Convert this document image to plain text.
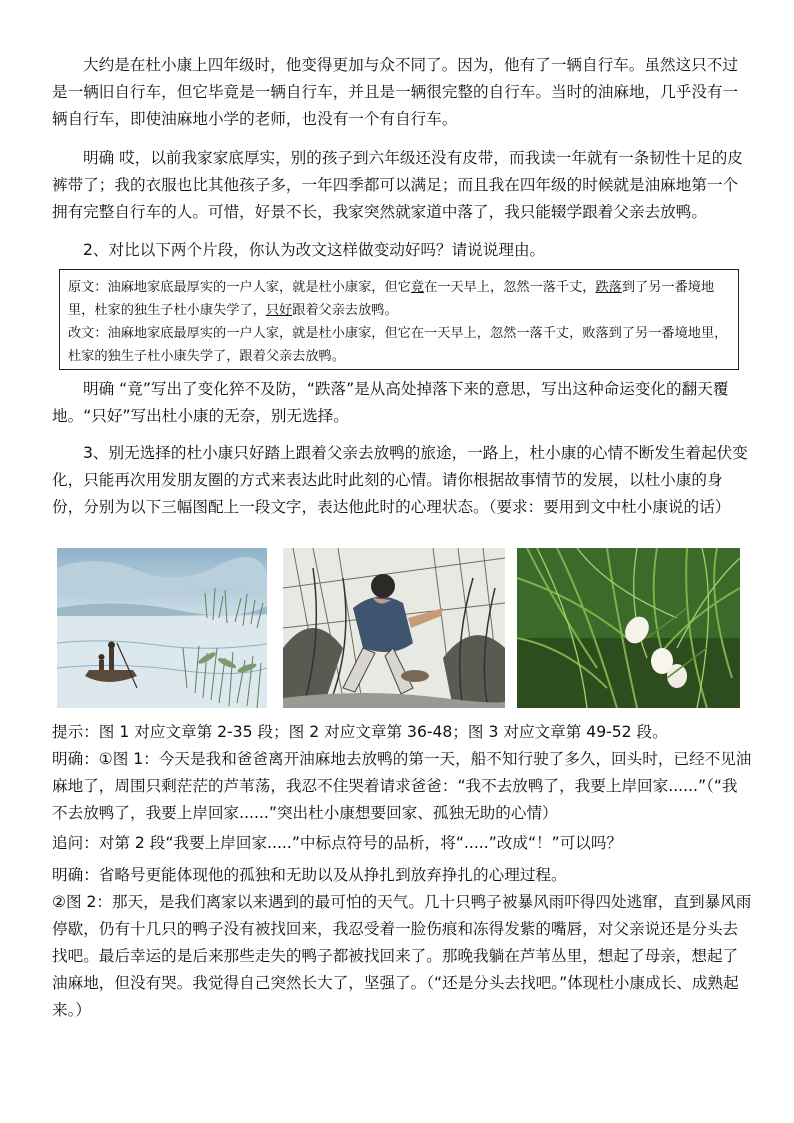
大约是在杜小康上四年级时，他变得更加与众不同了。因为，他有了一辆自行车。虽然这只不过是一辆旧自行车，但它毕竟是一辆自行车，并且是一辆很完整的自行车。当时的油麻地，几乎没有一辆自行车，即使油麻地小学的老师，也没有一个有自行车。

明确 哎，以前我家家底厚实，别的孩子到六年级还没有皮带，而我读一年就有一条韧性十足的皮裤带了；我的衣服也比其他孩子多，一年四季都可以满足；而且我在四年级的时候就是油麻地第一个拥有完整自行车的人。可惜，好景不长，我家突然就家道中落了，我只能辍学跟着父亲去放鸭。

2、对比以下两个片段，你认为改文这样做变动好吗？请说说理由。

原文：油麻地家底最厚实的一户人家，就是杜小康家，但它竟在一天早上，忽然一落千丈，跌落到了另一番境地里，杜家的独生子杜小康失学了，只好跟着父亲去放鸭。

改文：油麻地家底最厚实的一户人家，就是杜小康家，但它在一天早上，忽然一落千丈，败落到了另一番境地里，杜家的独生子杜小康失学了，跟着父亲去放鸭。

明确 “竟”写出了变化猝不及防，“跌落”是从高处掉落下来的意思，写出这种命运变化的翻天覆地。“只好”写出杜小康的无奈，别无选择。

3、别无选择的杜小康只好踏上跟着父亲去放鸭的旅途，一路上，杜小康的心情不断发生着起伏变化，只能再次用发朋友圈的方式来表达此时此刻的心情。请你根据故事情节的发展，以杜小康的身份，分别为以下三幅图配上一段文字，表达他此时的心理状态。（要求：要用到文中杜小康说的话）

提示：图 1 对应文章第 2-35 段；图 2 对应文章第 36-48；图 3 对应文章第 49-52 段。

明确：①图 1：今天是我和爸爸离开油麻地去放鸭的第一天，船不知行驶了多久，回头时，已经不见油麻地了，周围只剩茫茫的芦苇荡，我忍不住哭着请求爸爸：“我不去放鸭了，我要上岸回家......”（“我不去放鸭了，我要上岸回家......”突出杜小康想要回家、孤独无助的心情）

追问：对第 2 段“我要上岸回家.....”中标点符号的品析，将“.....”改成“！”可以吗？

明确：省略号更能体现他的孤独和无助以及从挣扎到放弃挣扎的心理过程。

②图 2：那天，是我们离家以来遇到的最可怕的天气。几十只鸭子被暴风雨吓得四处逃窜，直到暴风雨停歇，仍有十几只的鸭子没有被找回来，我忍受着一脸伤痕和冻得发紫的嘴唇，对父亲说还是分头去找吧。最后幸运的是后来那些走失的鸭子都被找回来了。那晚我躺在芦苇丛里，想起了母亲，想起了油麻地，但没有哭。我觉得自己突然长大了，坚强了。（“还是分头去找吧。”体现杜小康成长、成熟起来。）
